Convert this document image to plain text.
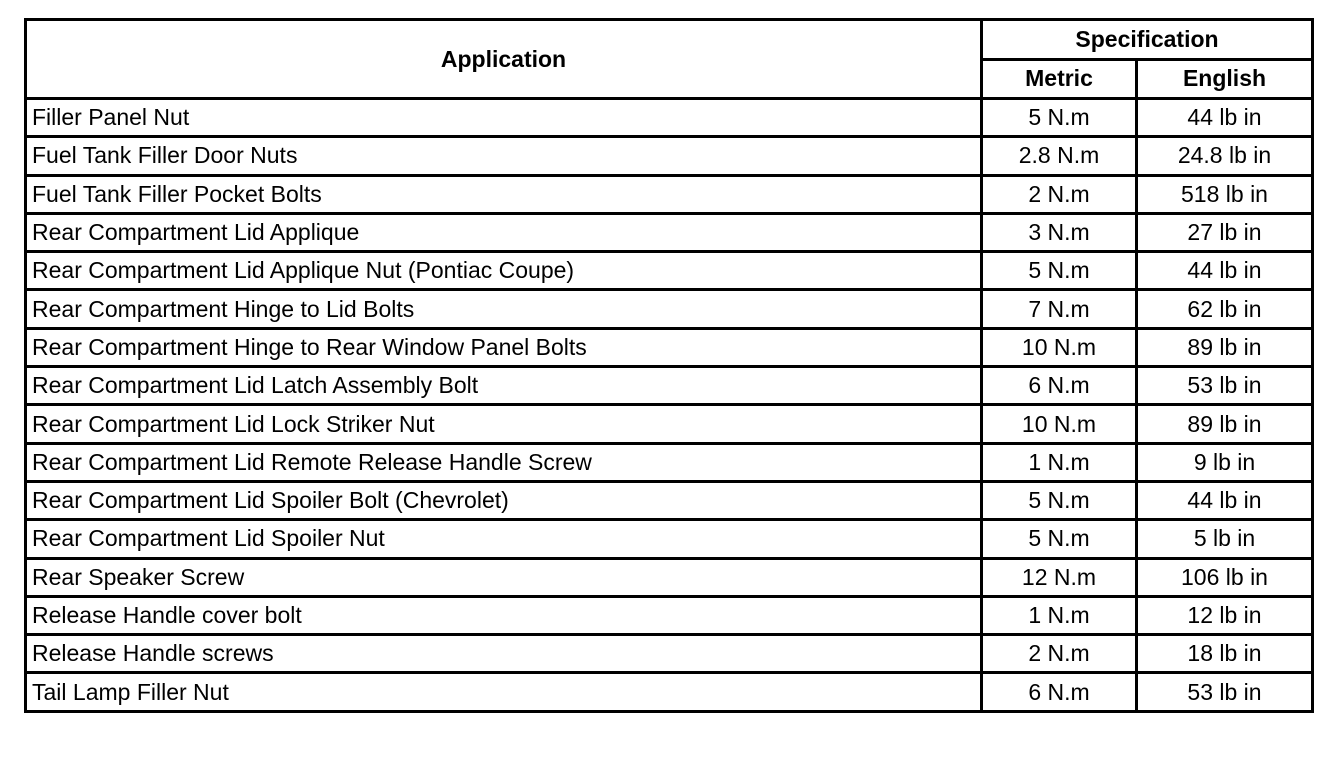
Application	Specification	
	Metric	English
Filler Panel Nut	5 N.m	44 lb in
Fuel Tank Filler Door Nuts	2.8 N.m	24.8 lb in
Fuel Tank Filler Pocket Bolts	2 N.m	518 lb in
Rear Compartment Lid Applique	3 N.m	27 lb in
Rear Compartment Lid Applique Nut (Pontiac Coupe)	5 N.m	44 lb in
Rear Compartment Hinge to Lid Bolts	7 N.m	62 lb in
Rear Compartment Hinge to Rear Window Panel Bolts	10 N.m	89 lb in
Rear Compartment Lid Latch Assembly Bolt	6 N.m	53 lb in
Rear Compartment Lid Lock Striker Nut	10 N.m	89 lb in
Rear Compartment Lid Remote Release Handle Screw	1 N.m	9 lb in
Rear Compartment Lid Spoiler Bolt (Chevrolet)	5 N.m	44 lb in
Rear Compartment Lid Spoiler Nut	5 N.m	5 lb in
Rear Speaker Screw	12 N.m	106 lb in
Release Handle cover bolt	1 N.m	12 lb in
Release Handle screws	2 N.m	18 lb in
Tail Lamp Filler Nut	6 N.m	53 lb in
